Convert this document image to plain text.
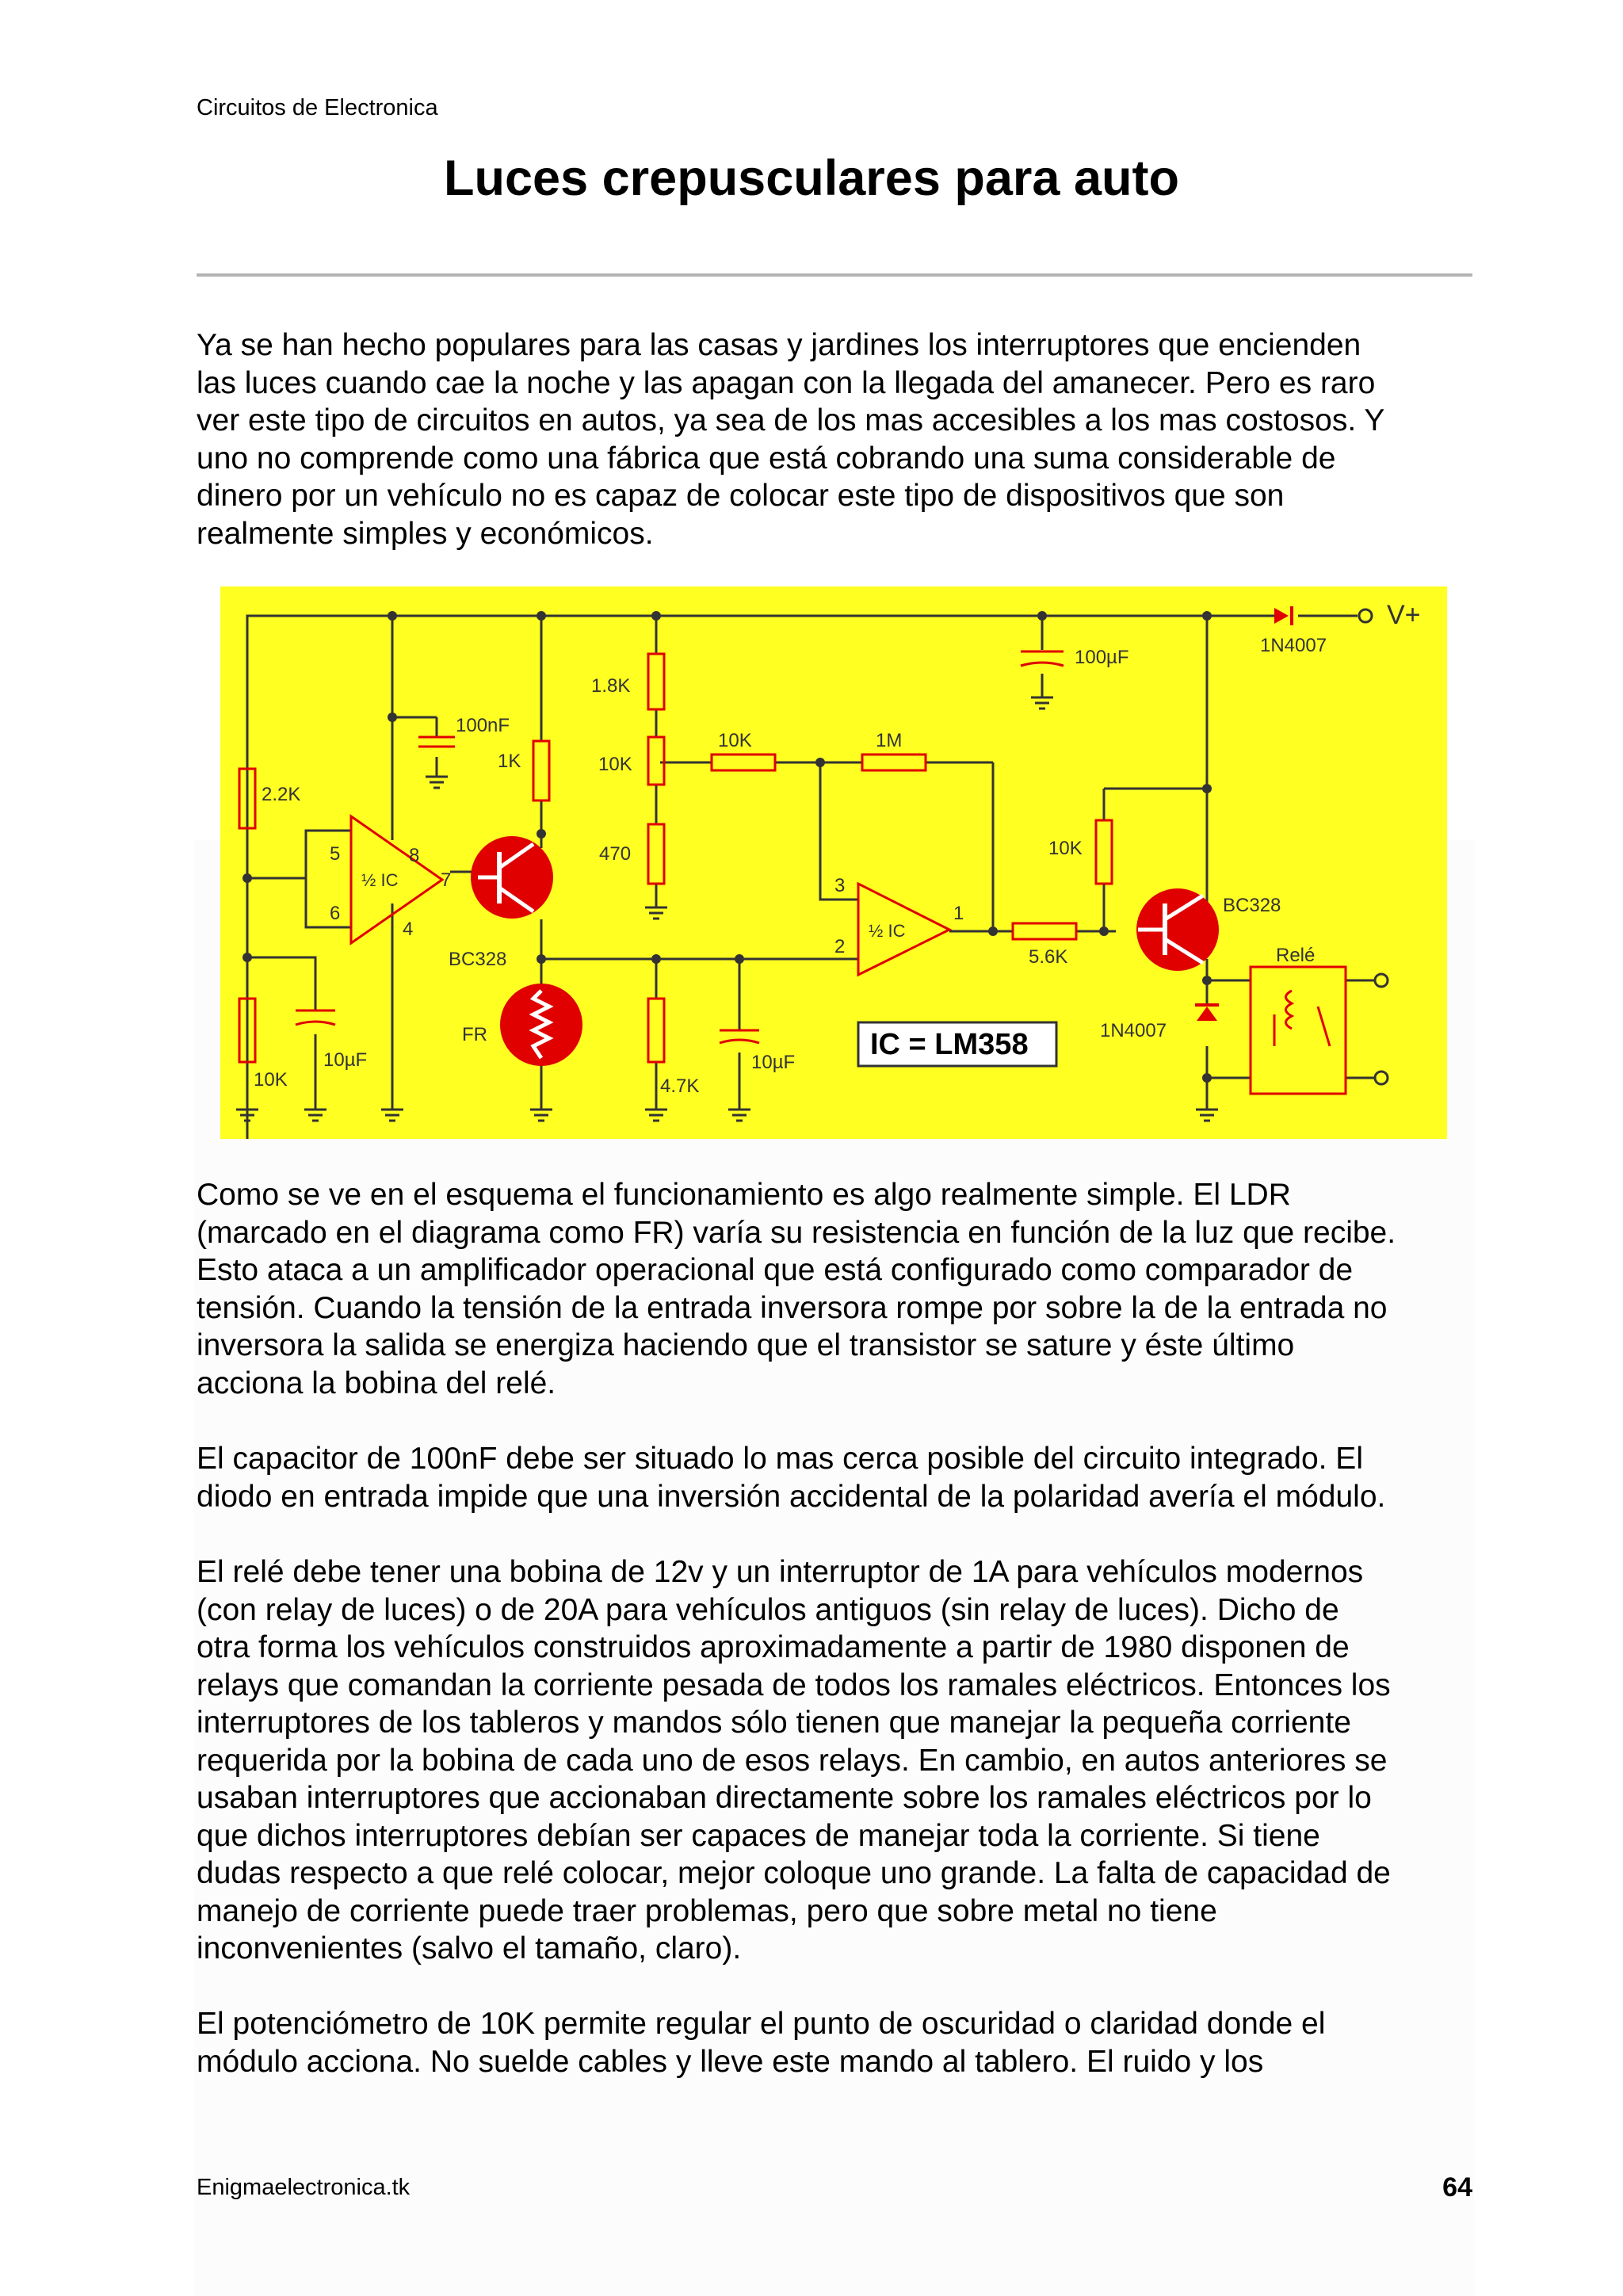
Circuitos de Electronica
Luces crepusculares para auto

Ya se han hecho populares para las casas y jardines los interruptores que encienden
las luces cuando cae la noche y las apagan con la llegada del amanecer. Pero es raro
ver este tipo de circuitos en autos, ya sea de los mas accesibles a los mas costosos. Y
uno no comprende como una fábrica que está cobrando una suma considerable de
dinero por un vehículo no es capaz de colocar este tipo de dispositivos que son
realmente simples y económicos.

V+
1N4007
100µF
1.8K
10K
470
10K	1M
100nF
1K
2.2K
5	8
7
6
4
½ IC
½ IC
3
2
1
BC328
BC328
10K
5.6K	Relé
1N4007
FR
10K
10µF
4.7K
10µF
IC = LM358

Como se ve en el esquema el funcionamiento es algo realmente simple. El LDR
(marcado en el diagrama como FR) varía su resistencia en función de la luz que recibe.
Esto ataca a un amplificador operacional que está configurado como comparador de
tensión. Cuando la tensión de la entrada inversora rompe por sobre la de la entrada no
inversora la salida se energiza haciendo que el transistor se sature y éste último
acciona la bobina del relé.

El capacitor de 100nF debe ser situado lo mas cerca posible del circuito integrado. El
diodo en entrada impide que una inversión accidental de la polaridad avería el módulo.

El relé debe tener una bobina de 12v y un interruptor de 1A para vehículos modernos
(con relay de luces) o de 20A para vehículos antiguos (sin relay de luces). Dicho de
otra forma los vehículos construidos aproximadamente a partir de 1980 disponen de
relays que comandan la corriente pesada de todos los ramales eléctricos. Entonces los
interruptores de los tableros y mandos sólo tienen que manejar la pequeña corriente
requerida por la bobina de cada uno de esos relays. En cambio, en autos anteriores se
usaban interruptores que accionaban directamente sobre los ramales eléctricos por lo
que dichos interruptores debían ser capaces de manejar toda la corriente. Si tiene
dudas respecto a que relé colocar, mejor coloque uno grande. La falta de capacidad de
manejo de corriente puede traer problemas, pero que sobre metal no tiene
inconvenientes (salvo el tamaño, claro).

El potenciómetro de 10K permite regular el punto de oscuridad o claridad donde el
módulo acciona. No suelde cables y lleve este mando al tablero. El ruido y los

Enigmaelectronica.tk	64
